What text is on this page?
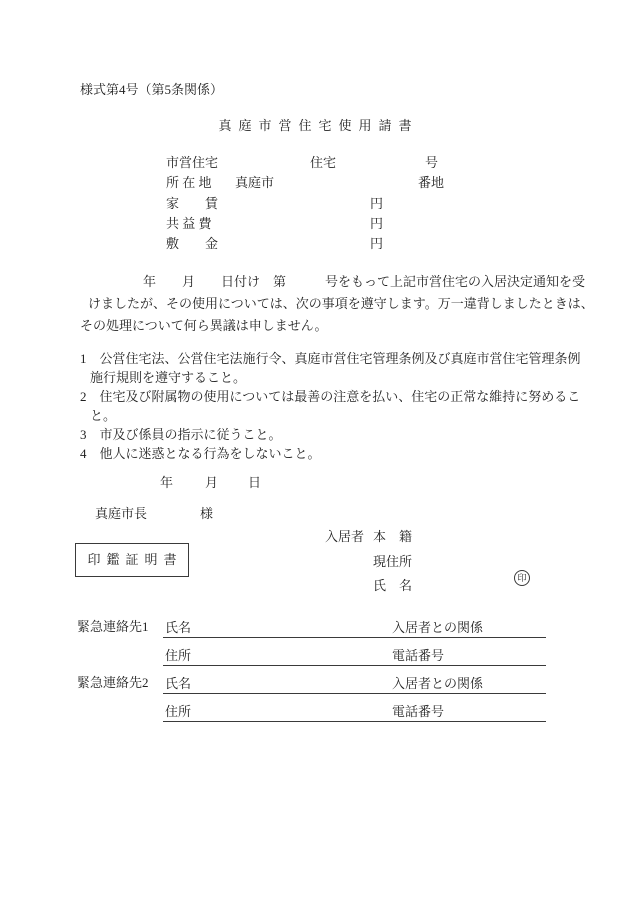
様式第4号（第5条関係）
真庭市営住宅使用請書
市営住宅	住宅	号
所 在 地 真庭市	番地
家　　賃	円
共 益 費	円
敷　　金	円
年　　月　　日付け　第　　　号をもって上記市営住宅の入居決定通知を受
けましたが、その使用については、次の事項を遵守します。万一違背しましたときは、
その処理について何ら異議は申しません。
1　公営住宅法、公営住宅法施行令、真庭市営住宅管理条例及び真庭市営住宅管理条例施行規則を遵守すること。
2　住宅及び附属物の使用については最善の注意を払い、住宅の正常な維持に努めること。
3　市及び係員の指示に従うこと。
4　他人に迷惑となる行為をしないこと。
年 月 日
真庭市長	様
印鑑証明書
入居者 本　籍
現住所
氏　名	印
緊急連絡先1 氏名	入居者との関係
住所	電話番号
緊急連絡先2 氏名	入居者との関係
住所	電話番号
